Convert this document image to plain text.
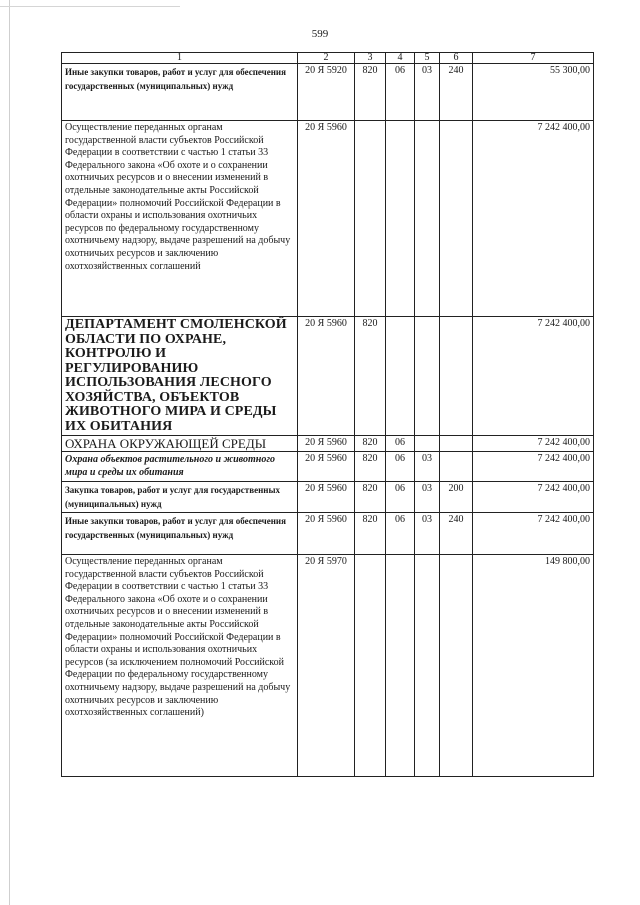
599
1	2	3	4	5	6	7
Иные закупки товаров, работ и услуг для обеспечения государственных (муниципальных) нужд	20 Я 5920	820	06	03	240	55 300,00
Осуществление переданных органам государственной власти субъектов Российской Федерации в соответствии с частью 1 статьи 33 Федерального закона «Об охоте и о сохранении охотничьих ресурсов и о внесении изменений в отдельные законодательные акты Российской Федерации» полномочий Российской Федерации в области охраны и использования охотничьих ресурсов по федеральному государственному охотничьему надзору, выдаче разрешений на добычу охотничьих ресурсов и заключению охотхозяйственных соглашений	20 Я 5960					7 242 400,00
ДЕПАРТАМЕНТ СМОЛЕНСКОЙ ОБЛАСТИ ПО ОХРАНЕ, КОНТРОЛЮ И РЕГУЛИРОВАНИЮ ИСПОЛЬЗОВАНИЯ ЛЕСНОГО ХОЗЯЙСТВА, ОБЪЕКТОВ ЖИВОТНОГО МИРА И СРЕДЫ ИХ ОБИТАНИЯ	20 Я 5960	820				7 242 400,00
ОХРАНА ОКРУЖАЮЩЕЙ СРЕДЫ	20 Я 5960	820	06			7 242 400,00
Охрана объектов растительного и животного мира и среды их обитания	20 Я 5960	820	06	03		7 242 400,00
Закупка товаров, работ и услуг для государственных (муниципальных) нужд	20 Я 5960	820	06	03	200	7 242 400,00
Иные закупки товаров, работ и услуг для обеспечения государственных (муниципальных) нужд	20 Я 5960	820	06	03	240	7 242 400,00
Осуществление переданных органам государственной власти субъектов Российской Федерации в соответствии с частью 1 статьи 33 Федерального закона «Об охоте и о сохранении охотничьих ресурсов и о внесении изменений в отдельные законодательные акты Российской Федерации» полномочий Российской Федерации в области охраны и использования охотничьих ресурсов (за исключением полномочий Российской Федерации по федеральному государственному охотничьему надзору, выдаче разрешений на добычу охотничьих ресурсов и заключению охотхозяйственных соглашений)	20 Я 5970					149 800,00
